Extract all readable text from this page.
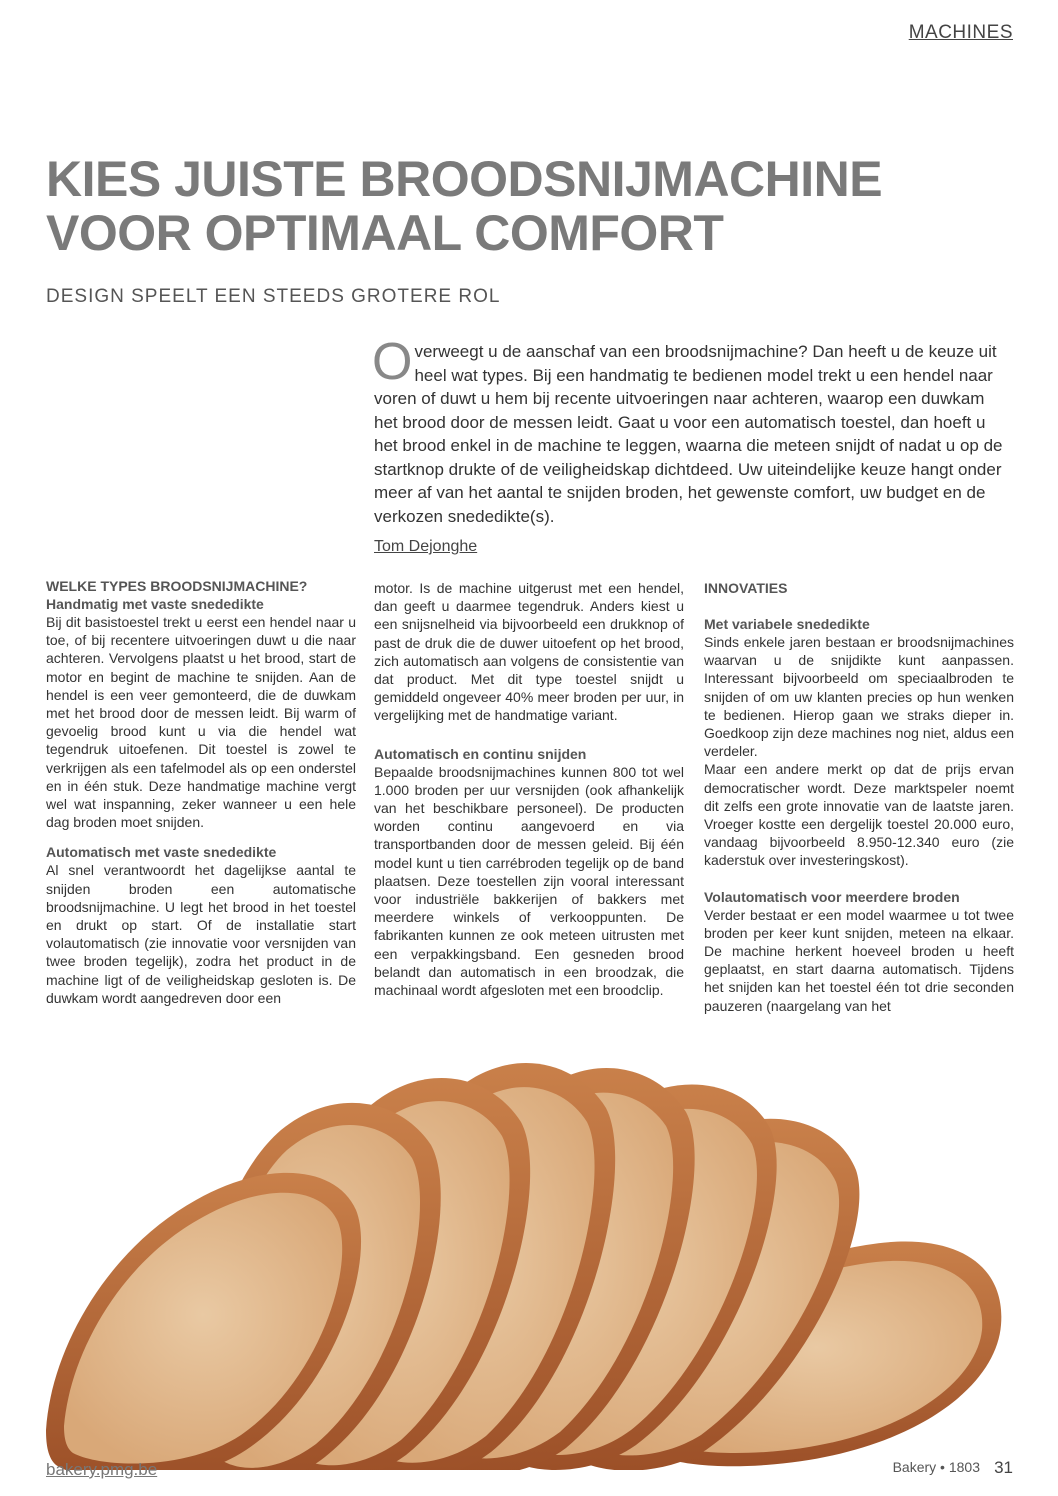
MACHINES
KIES JUISTE BROODSNIJMACHINE
VOOR OPTIMAAL COMFORT
DESIGN SPEELT EEN STEEDS GROTERE ROL
O verweegt u de aanschaf van een broodsnijmachine? Dan heeft u de keuze uit heel wat types. Bij een handmatig te bedienen model trekt u een hendel naar voren of duwt u hem bij recente uitvoeringen naar achteren, waarop een duwkam het brood door de messen leidt. Gaat u voor een automatisch toestel, dan hoeft u het brood enkel in de machine te leggen, waarna die meteen snijdt of nadat u op de startknop drukte of de veiligheidskap dichtdeed. Uw uiteindelijke keuze hangt onder meer af van het aantal te snijden broden, het gewenste comfort, uw budget en de verkozen snededikte(s).
Tom Dejonghe
WELKE TYPES BROODSNIJMACHINE?
Handmatig met vaste snededikte

Bij dit basistoestel trekt u eerst een hendel naar u toe, of bij recentere uitvoeringen duwt u die naar achteren. Vervolgens plaatst u het brood, start de motor en begint de machine te snijden. Aan de hendel is een veer gemonteerd, die de duwkam met het brood door de messen leidt. Bij warm of gevoelig brood kunt u via die hendel wat tegendruk uitoefenen. Dit toestel is zowel te verkrijgen als een tafelmodel als op een onderstel en in één stuk. Deze handmatige machine vergt wel wat inspanning, zeker wanneer u een hele dag broden moet snijden.

Automatisch met vaste snededikte

Al snel verantwoordt het dagelijkse aantal te snijden broden een automatische broodsnijmachine. U legt het brood in het toestel en drukt op start. Of de installatie start volautomatisch (zie innovatie voor versnijden van twee broden tegelijk), zodra het product in de machine ligt of de veiligheidskap gesloten is. De duwkam wordt aangedreven door een

motor. Is de machine uitgerust met een hendel, dan geeft u daarmee tegendruk. Anders kiest u een snijsnelheid via bijvoorbeeld een drukknop of past de druk die de duwer uitoefent op het brood, zich automatisch aan volgens de consistentie van dat product. Met dit type toestel snijdt u gemiddeld ongeveer 40% meer broden per uur, in vergelijking met de handmatige variant.

Automatisch en continu snijden

Bepaalde broodsnijmachines kunnen 800 tot wel 1.000 broden per uur versnijden (ook afhankelijk van het beschikbare personeel). De producten worden continu aangevoerd en via transportbanden door de messen geleid. Bij één model kunt u tien carrébroden tegelijk op de band plaatsen. Deze toestellen zijn vooral interessant voor industriële bakkerijen of bakkers met meerdere winkels of verkooppunten. De fabrikanten kunnen ze ook meteen uitrusten met een verpakkingsband. Een gesneden brood belandt dan automatisch in een broodzak, die machinaal wordt afgesloten met een broodclip.

INNOVATIES
Met variabele snededikte

Sinds enkele jaren bestaan er broodsnijmachines waarvan u de snijdikte kunt aanpassen. Interessant bijvoorbeeld om speciaalbroden te snijden of om uw klanten precies op hun wenken te bedienen. Hierop gaan we straks dieper in. Goedkoop zijn deze machines nog niet, aldus een verdeler.

Maar een andere merkt op dat de prijs ervan democratischer wordt. Deze marktspeler noemt dit zelfs een grote innovatie van de laatste jaren. Vroeger kostte een dergelijk toestel 20.000 euro, vandaag bijvoorbeeld 8.950-12.340 euro (zie kaderstuk over investeringskost).

Volautomatisch voor meerdere broden

Verder bestaat er een model waarmee u tot twee broden per keer kunt snijden, meteen na elkaar. De machine herkent hoeveel broden u heeft geplaatst, en start daarna automatisch. Tijdens het snijden kan het toestel één tot drie seconden pauzeren (naargelang van het

bakery.pmg.be	Bakery • 1803 31
